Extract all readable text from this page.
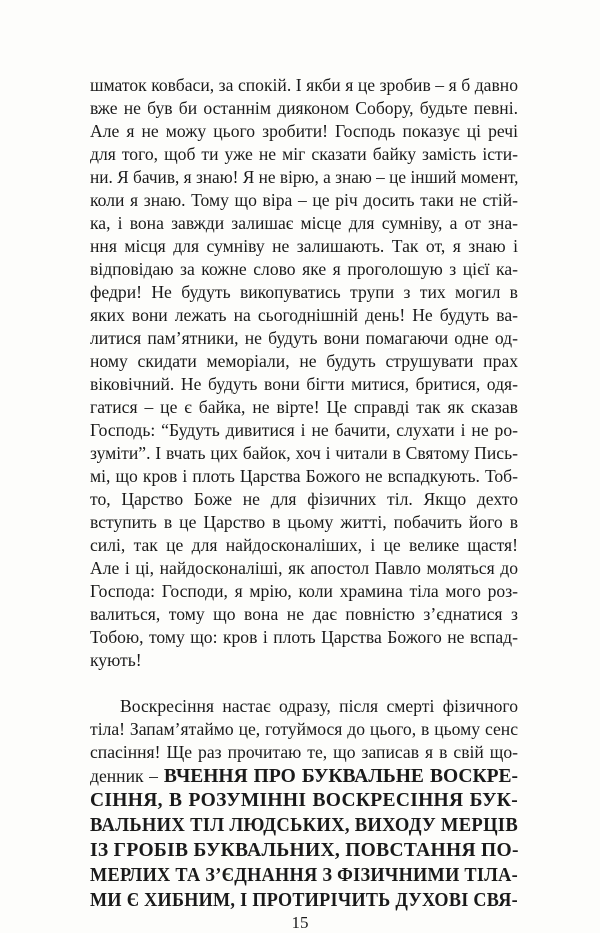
шматок ковбаси, за спокій. І якби я це зробив – я б давно
вже не був би останнім дияконом Собору, будьте певні.
Але я не можу цього зробити! Господь показує ці речі
для того, щоб ти уже не міг сказати байку замість істи-
ни. Я бачив, я знаю! Я не вірю, а знаю – це інший момент,
коли я знаю. Тому що віра – це річ досить таки не стій-
ка, і вона завжди залишає місце для сумніву, а от зна-
ння місця для сумніву не залишають. Так от, я знаю і
відповідаю за кожне слово яке я проголошую з цієї ка-
федри! Не будуть викопуватись трупи з тих могил в
яких вони лежать на сьогоднішній день! Не будуть ва-
литися пам’ятники, не будуть вони помагаючи одне од-
ному скидати меморіали, не будуть струшувати прах
віковічний. Не будуть вони бігти митися, бритися, одя-
гатися – це є байка, не вірте! Це справді так як сказав
Господь: “Будуть дивитися і не бачити, слухати і не ро-
зуміти”. І вчать цих байок, хоч і читали в Святому Пись-
мі, що кров і плоть Царства Божого не вспадкують. Тоб-
то, Царство Боже не для фізичних тіл. Якщо дехто
вступить в це Царство в цьому житті, побачить його в
силі, так це для найдосконаліших, і це велике щастя!
Але і ці, найдосконаліші, як апостол Павло моляться до
Господа: Господи, я мрію, коли храмина тіла мого роз-
валиться, тому що вона не дає повністю з’єднатися з
Тобою, тому що: кров і плоть Царства Божого не вспад-
кують!
Воскресіння настає одразу, після смерті фізичного
тіла! Запам’ятаймо це, готуймося до цього, в цьому сенс
спасіння! Ще раз прочитаю те, що записав я в свій що-
денник – ВЧЕННЯ ПРО БУКВАЛЬНЕ ВОСКРЕ-
СІННЯ, В РОЗУМІННІ ВОСКРЕСІННЯ БУК-
ВАЛЬНИХ ТІЛ ЛЮДСЬКИХ, ВИХОДУ МЕРЦІВ
ІЗ ГРОБІВ БУКВАЛЬНИХ, ПОВСТАННЯ ПО-
МЕРЛИХ ТА З’ЄДНАННЯ З ФІЗИЧНИМИ ТІЛА-
МИ Є ХИБНИМ, І ПРОТИРІЧИТЬ ДУХОВІ СВЯ-
15
